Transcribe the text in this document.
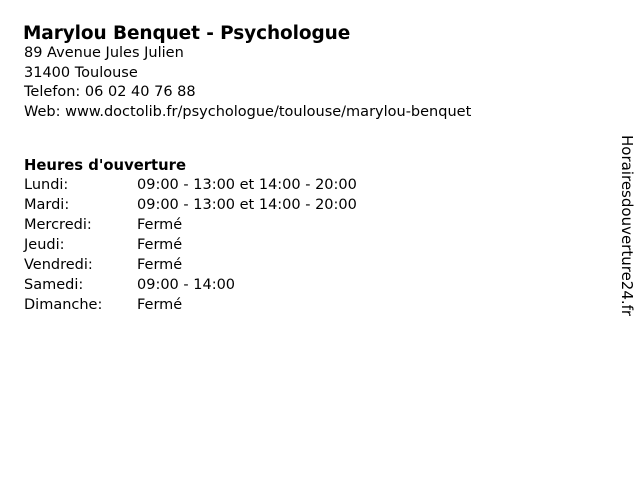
Marylou Benquet - Psychologue
89 Avenue Jules Julien
31400 Toulouse
Telefon: 06 02 40 76 88
Web: www.doctolib.fr/psychologue/toulouse/marylou-benquet
Heures d'ouverture
Lundi:	09:00 - 13:00 et 14:00 - 20:00
Mardi:	09:00 - 13:00 et 14:00 - 20:00
Mercredi:	Fermé
Jeudi:	Fermé
Vendredi:	Fermé
Samedi:	09:00 - 14:00
Dimanche:	Fermé	Horairesdouverture24.fr
